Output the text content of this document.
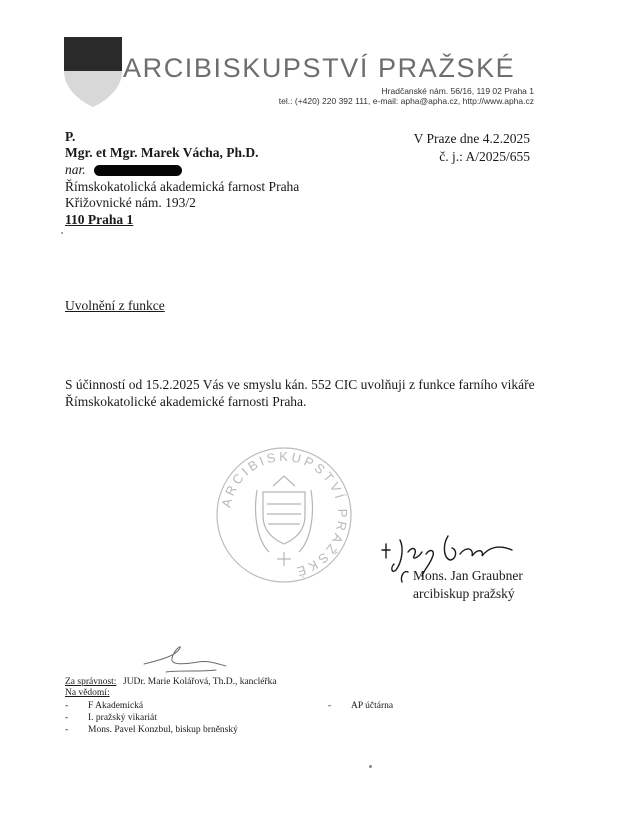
ARCIBISKUPSTVÍ PRAŽSKÉ
Hradčanské nám. 56/16, 119 02 Praha 1
tel.: (+420) 220 392 111, e-mail: apha@apha.cz, http://www.apha.cz
P.
Mgr. et Mgr. Marek Vácha, Ph.D.
nar.
Římskokatolická akademická farnost Praha
Křižovnické nám. 193/2
110 Praha 1
V Praze dne 4.2.2025
č. j.: A/2025/655
Uvolnění z funkce
S účinností od 15.2.2025 Vás ve smyslu kán. 552 CIC uvolňuji z funkce farního vikáře
Římskokatolické akademické farnosti Praha.
ARCIBISKUPSTVÍ PRAŽSKÉ	Mons. Jan Graubner
arcibiskup pražský
Za správnost: JUDr. Marie Kolářová, Th.D., kancléřka
Na vědomí:
- F Akademická
- I. pražský vikariát
- Mons. Pavel Konzbul, biskup brněnský
- AP účtárna
